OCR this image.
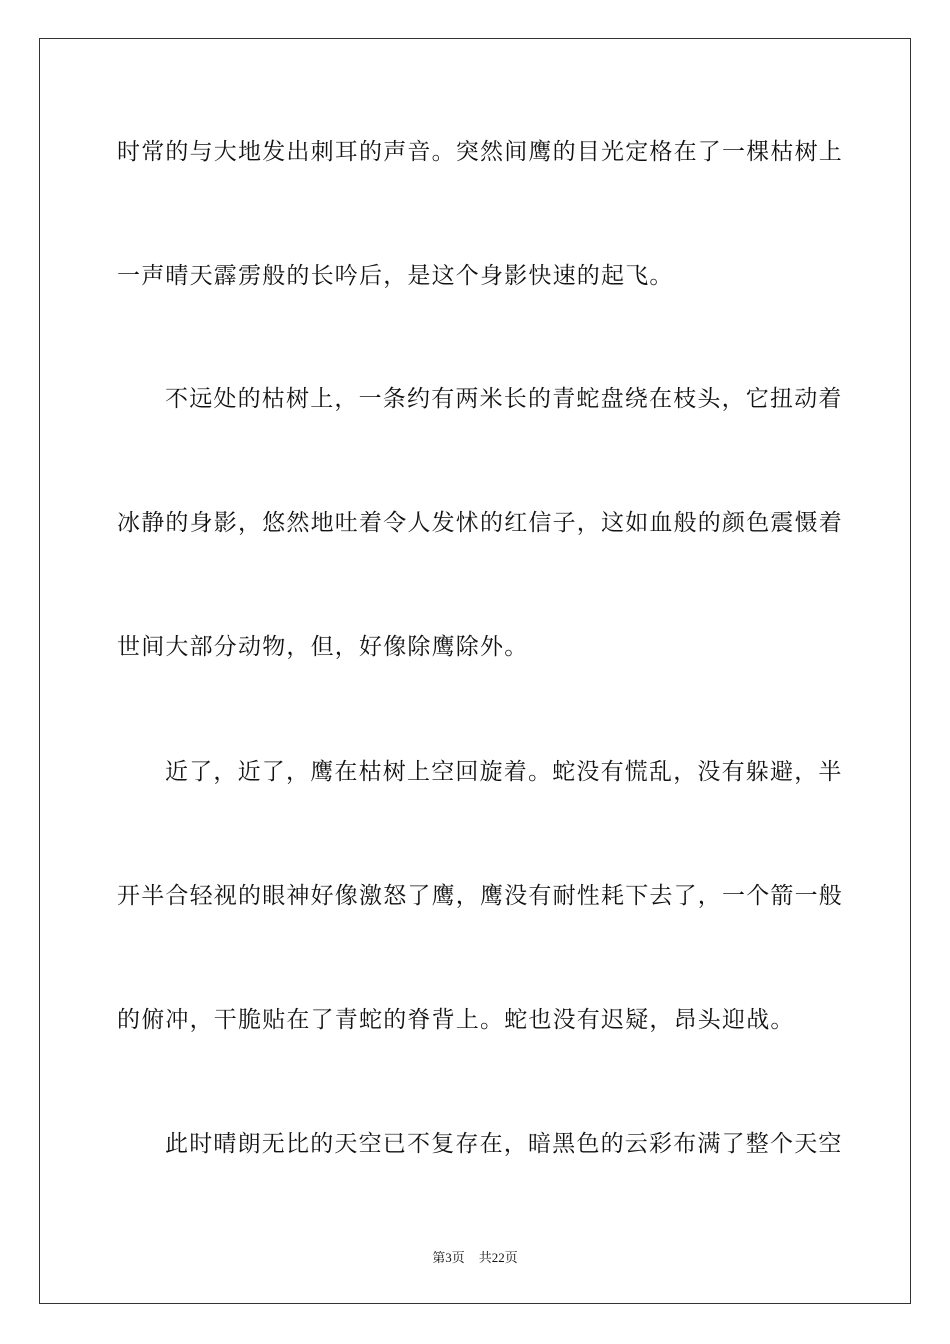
时常的与大地发出刺耳的声音。突然间鹰的目光定格在了一棵枯树上
一声晴天霹雳般的长吟后，是这个身影快速的起飞。
不远处的枯树上，一条约有两米长的青蛇盘绕在枝头，它扭动着
冰静的身影，悠然地吐着令人发怵的红信子，这如血般的颜色震慑着
世间大部分动物，但，好像除鹰除外。
近了，近了，鹰在枯树上空回旋着。蛇没有慌乱，没有躲避，半
开半合轻视的眼神好像激怒了鹰，鹰没有耐性耗下去了，一个箭一般
的俯冲，干脆贴在了青蛇的脊背上。蛇也没有迟疑，昂头迎战。
此时晴朗无比的天空已不复存在，暗黑色的云彩布满了整个天空
第3页 共22页
